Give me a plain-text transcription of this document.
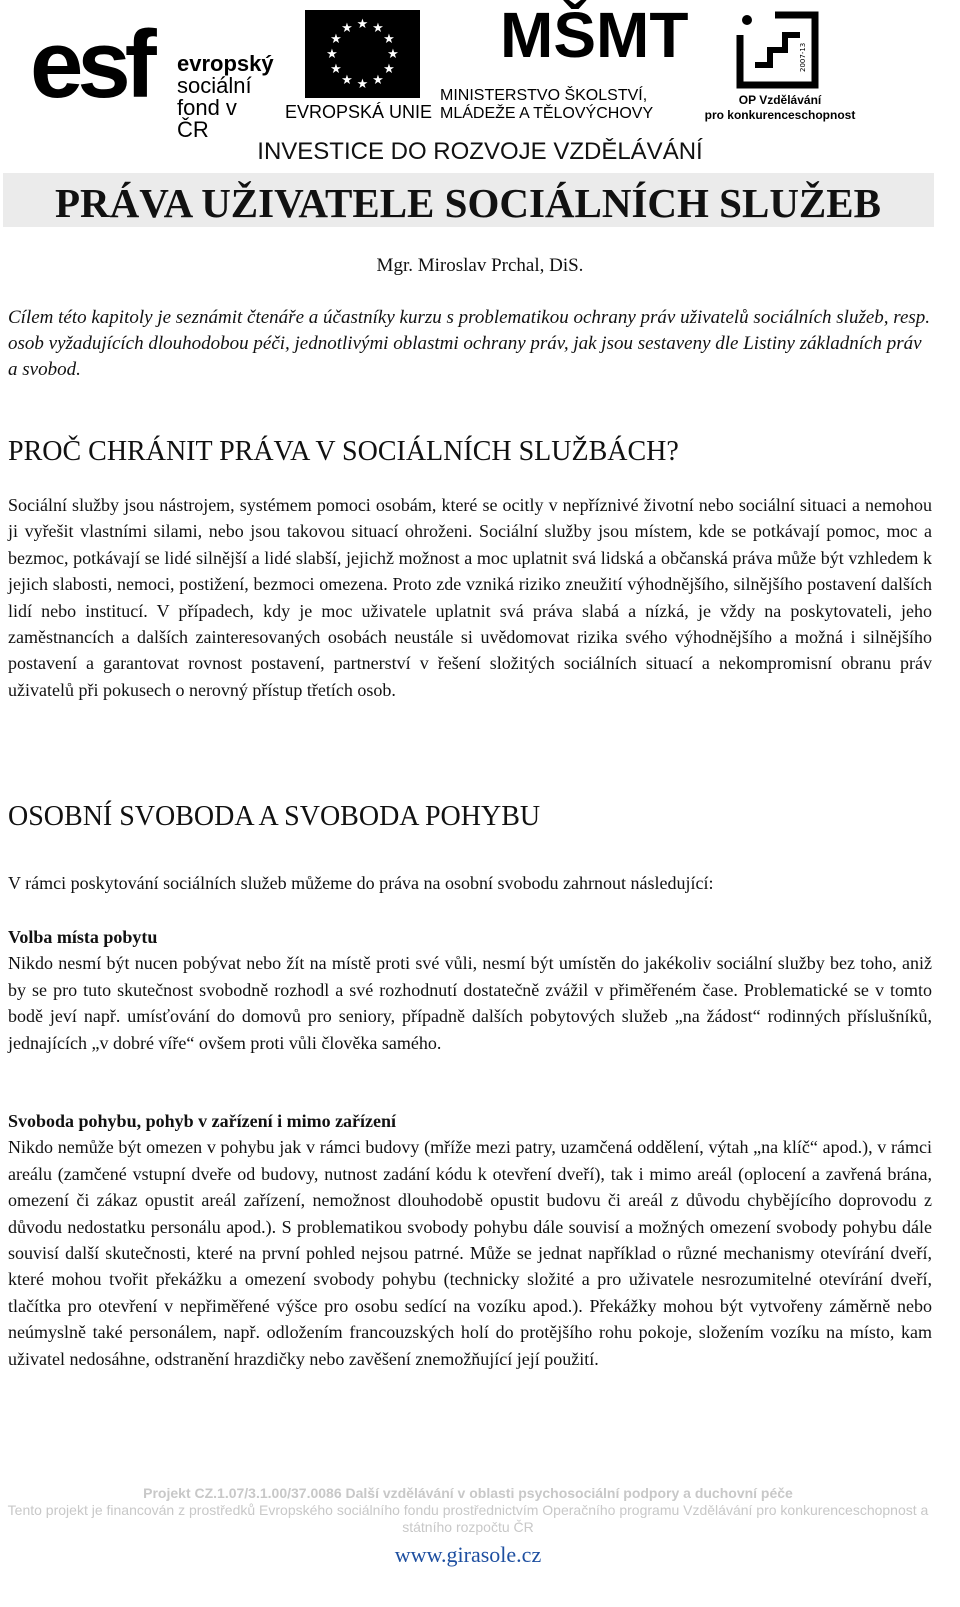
esf evropský
sociální
fond v ČR
★ ★
★
★
★
★
★
★
★
★
★
★
EVROPSKÁ UNIE
MŠMT
MINISTERSTVO ŠKOLSTVÍ,
MLÁDEŽE A TĚLOVÝCHOVY
2007-13
OP Vzdělávání
pro konkurenceschopnost
INVESTICE DO ROZVOJE VZDĚLÁVÁNÍ
PRÁVA UŽIVATELE SOCIÁLNÍCH SLUŽEB

Mgr. Miroslav Prchal, DiS.

Cílem této kapitoly je seznámit čtenáře a účastníky kurzu s problematikou ochrany práv uživatelů sociálních služeb, resp. osob vyžadujících dlouhodobou péči, jednotlivými oblastmi ochrany práv, jak jsou sestaveny dle Listiny základních práv a svobod.

PROČ CHRÁNIT PRÁVA V SOCIÁLNÍCH SLUŽBÁCH?

Sociální služby jsou nástrojem, systémem pomoci osobám, které se ocitly v nepříznivé životní nebo sociální situaci a nemohou ji vyřešit vlastními silami, nebo jsou takovou situací ohroženi. Sociální služby jsou místem, kde se potkávají pomoc, moc a bezmoc, potkávají se lidé silnější a lidé slabší, jejichž možnost a moc uplatnit svá lidská a občanská práva může být vzhledem k jejich slabosti, nemoci, postižení, bezmoci omezena. Proto zde vzniká riziko zneužití výhodnějšího, silnějšího postavení dalších lidí nebo institucí. V případech, kdy je moc uživatele uplatnit svá práva slabá a nízká, je vždy na poskytovateli, jeho zaměstnancích a dalších zainteresovaných osobách neustále si uvědomovat rizika svého výhodnějšího a možná i silnějšího postavení a garantovat rovnost postavení, partnerství v řešení složitých sociálních situací a nekompromisní obranu práv uživatelů při pokusech o nerovný přístup třetích osob.

OSOBNÍ SVOBODA A SVOBODA POHYBU

V rámci poskytování sociálních služeb můžeme do práva na osobní svobodu zahrnout následující:

Volba místa pobytu
Nikdo nesmí být nucen pobývat nebo žít na místě proti své vůli, nesmí být umístěn do jakékoliv sociální služby bez toho, aniž by se pro tuto skutečnost svobodně rozhodl a své rozhodnutí dostatečně zvážil v přiměřeném čase. Problematické se v tomto bodě jeví např. umísťování do domovů pro seniory, případně dalších pobytových služeb „na žádost“ rodinných příslušníků, jednajících „v dobré víře“ ovšem proti vůli člověka samého.
Svoboda pohybu, pohyb v zařízení i mimo zařízení
Nikdo nemůže být omezen v pohybu jak v rámci budovy (mříže mezi patry, uzamčená oddělení, výtah „na klíč“ apod.), v rámci areálu (zamčené vstupní dveře od budovy, nutnost zadání kódu k otevření dveří), tak i mimo areál (oplocení a zavřená brána, omezení či zákaz opustit areál zařízení, nemožnost dlouhodobě opustit budovu či areál z důvodu chybějícího doprovodu z důvodu nedostatku personálu apod.). S problematikou svobody pohybu dále souvisí a možných omezení svobody pohybu dále souvisí další skutečnosti, které na první pohled nejsou patrné. Může se jednat například o různé mechanismy otevírání dveří, které mohou tvořit překážku a omezení svobody pohybu (technicky složité a pro uživatele nesrozumitelné otevírání dveří, tlačítka pro otevření v nepřiměřené výšce pro osobu sedící na vozíku apod.). Překážky mohou být vytvořeny záměrně nebo neúmyslně také personálem, např. odložením francouzských holí do protějšího rohu pokoje, složením vozíku na místo, kam uživatel nedosáhne, odstranění hrazdičky nebo zavěšení znemožňující její použití.
Projekt CZ.1.07/3.1.00/37.0086 Další vzdělávání v oblasti psychosociální podpory a duchovní péče
Tento projekt je financován z prostředků Evropského sociálního fondu prostřednictvím Operačního programu Vzdělávání pro konkurenceschopnost a státního rozpočtu ČR
www.girasole.cz
